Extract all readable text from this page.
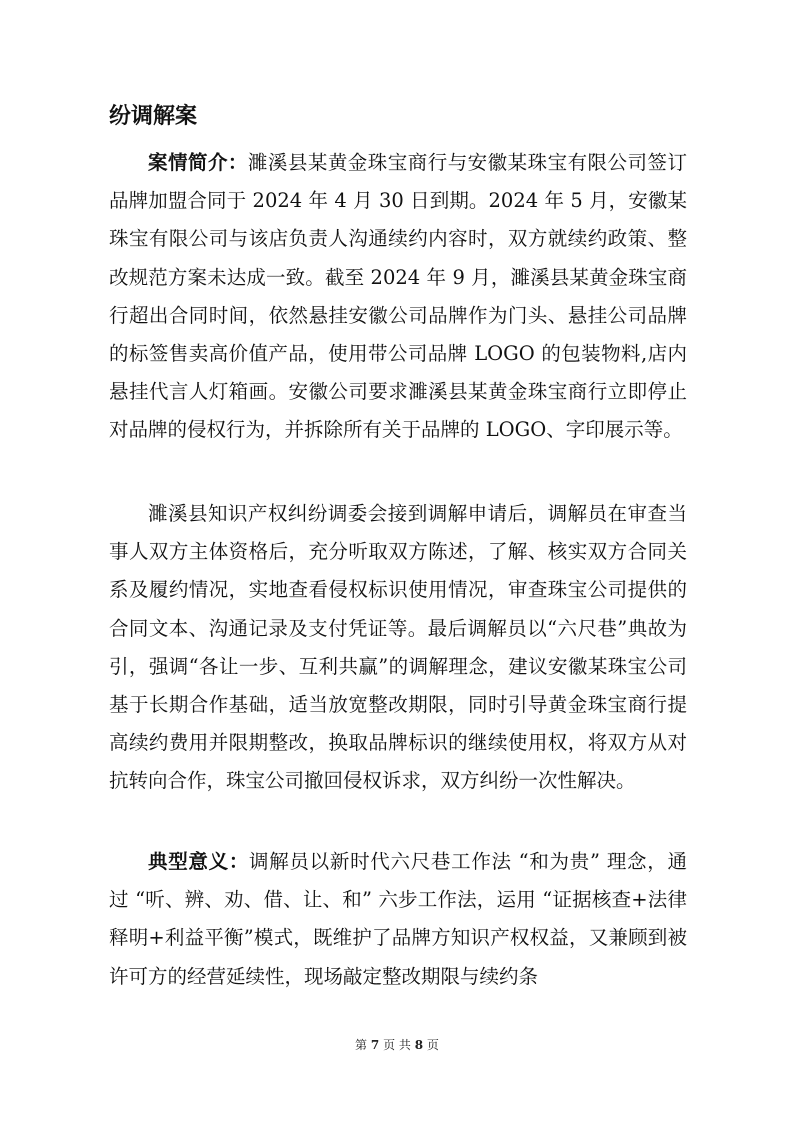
纷调解案

案情简介：濉溪县某黄金珠宝商行与安徽某珠宝有限公司签订品牌加盟合同于 2024 年 4 月 30 日到期。2024 年 5 月，安徽某珠宝有限公司与该店负责人沟通续约内容时，双方就续约政策、整改规范方案未达成一致。截至 2024 年 9 月，濉溪县某黄金珠宝商行超出合同时间，依然悬挂安徽公司品牌作为门头、悬挂公司品牌的标签售卖高价值产品，使用带公司品牌 LOGO 的包装物料,店内悬挂代言人灯箱画。安徽公司要求濉溪县某黄金珠宝商行立即停止对品牌的侵权行为，并拆除所有关于品牌的 LOGO、字印展示等。

濉溪县知识产权纠纷调委会接到调解申请后，调解员在审查当事人双方主体资格后，充分听取双方陈述，了解、核实双方合同关系及履约情况，实地查看侵权标识使用情况，审查珠宝公司提供的合同文本、沟通记录及支付凭证等。最后调解员以“六尺巷”典故为引，强调“各让一步、互利共赢”的调解理念，建议安徽某珠宝公司基于长期合作基础，适当放宽整改期限，同时引导黄金珠宝商行提高续约费用并限期整改，换取品牌标识的继续使用权，将双方从对抗转向合作，珠宝公司撤回侵权诉求，双方纠纷一次性解决。

典型意义：调解员以新时代六尺巷工作法 “和为贵” 理念，通过 “听、辨、劝、借、让、和” 六步工作法，运用 “证据核查+法律释明+利益平衡”模式，既维护了品牌方知识产权权益，又兼顾到被许可方的经营延续性，现场敲定整改期限与续约条

第 7 页 共 8 页
